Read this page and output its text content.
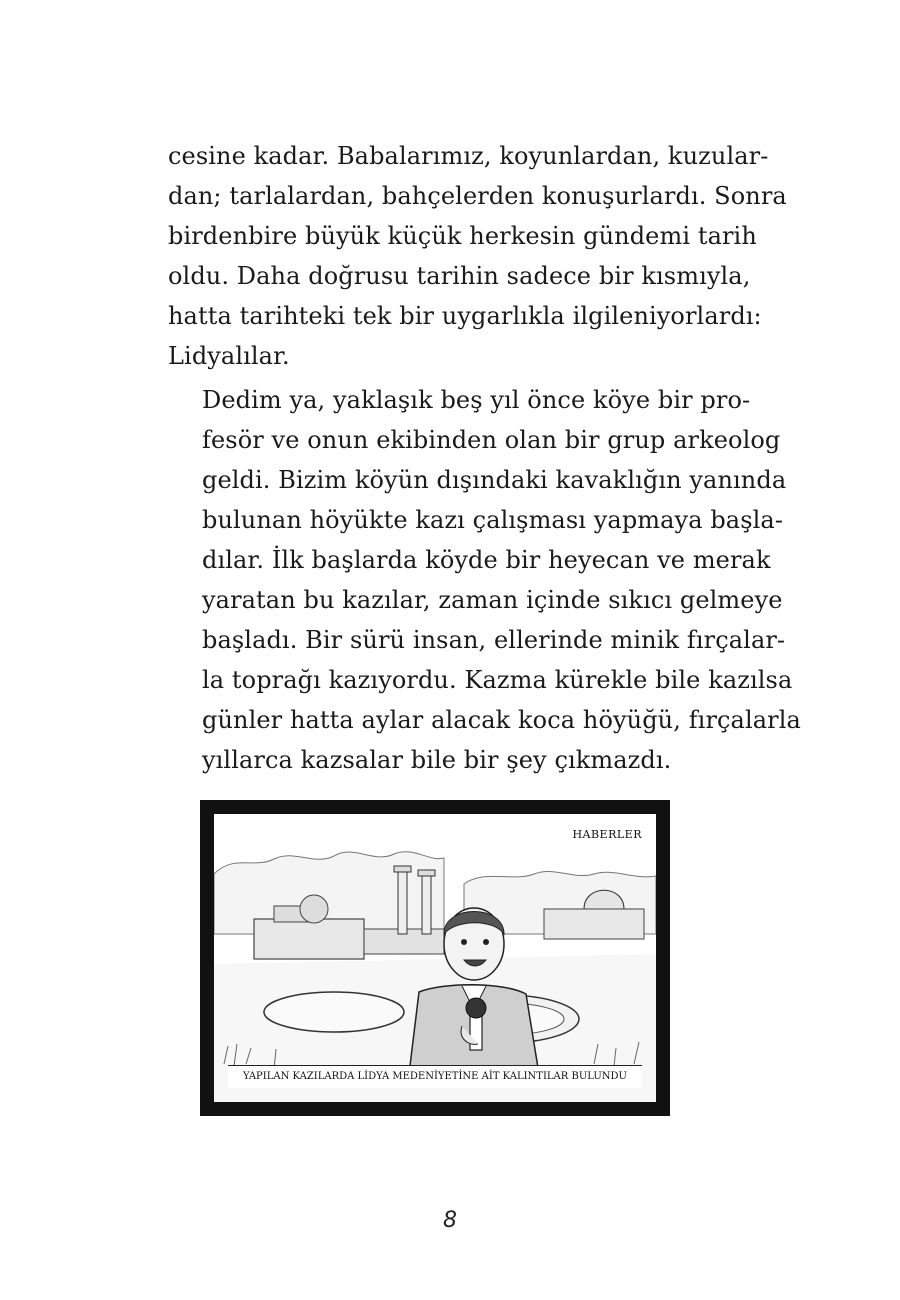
cesine kadar. Babalarımız, koyunlardan, kuzular-
dan; tarlalardan, bahçelerden konuşurlardı. Sonra
birdenbire büyük küçük herkesin gündemi tarih
oldu. Daha doğrusu tarihin sadece bir kısmıyla,
hatta tarihteki tek bir uygarlıkla ilgileniyorlardı:
Lidyalılar.

Dedim ya, yaklaşık beş yıl önce köye bir pro-
fesör ve onun ekibinden olan bir grup arkeolog
geldi. Bizim köyün dışındaki kavaklığın yanında
bulunan höyükte kazı çalışması yapmaya başla-
dılar. İlk başlarda köyde bir heyecan ve merak
yaratan bu kazılar, zaman içinde sıkıcı gelmeye
başladı. Bir sürü insan, ellerinde minik fırçalar-
la toprağı kazıyordu. Kazma kürekle bile kazılsa
günler hatta aylar alacak koca höyüğü, fırçalarla
yıllarca kazsalar bile bir şey çıkmazdı.

HABERLER
YAPILAN KAZILARDA LİDYA MEDENİYETİNE AİT KALINTILAR BULUNDU
8
